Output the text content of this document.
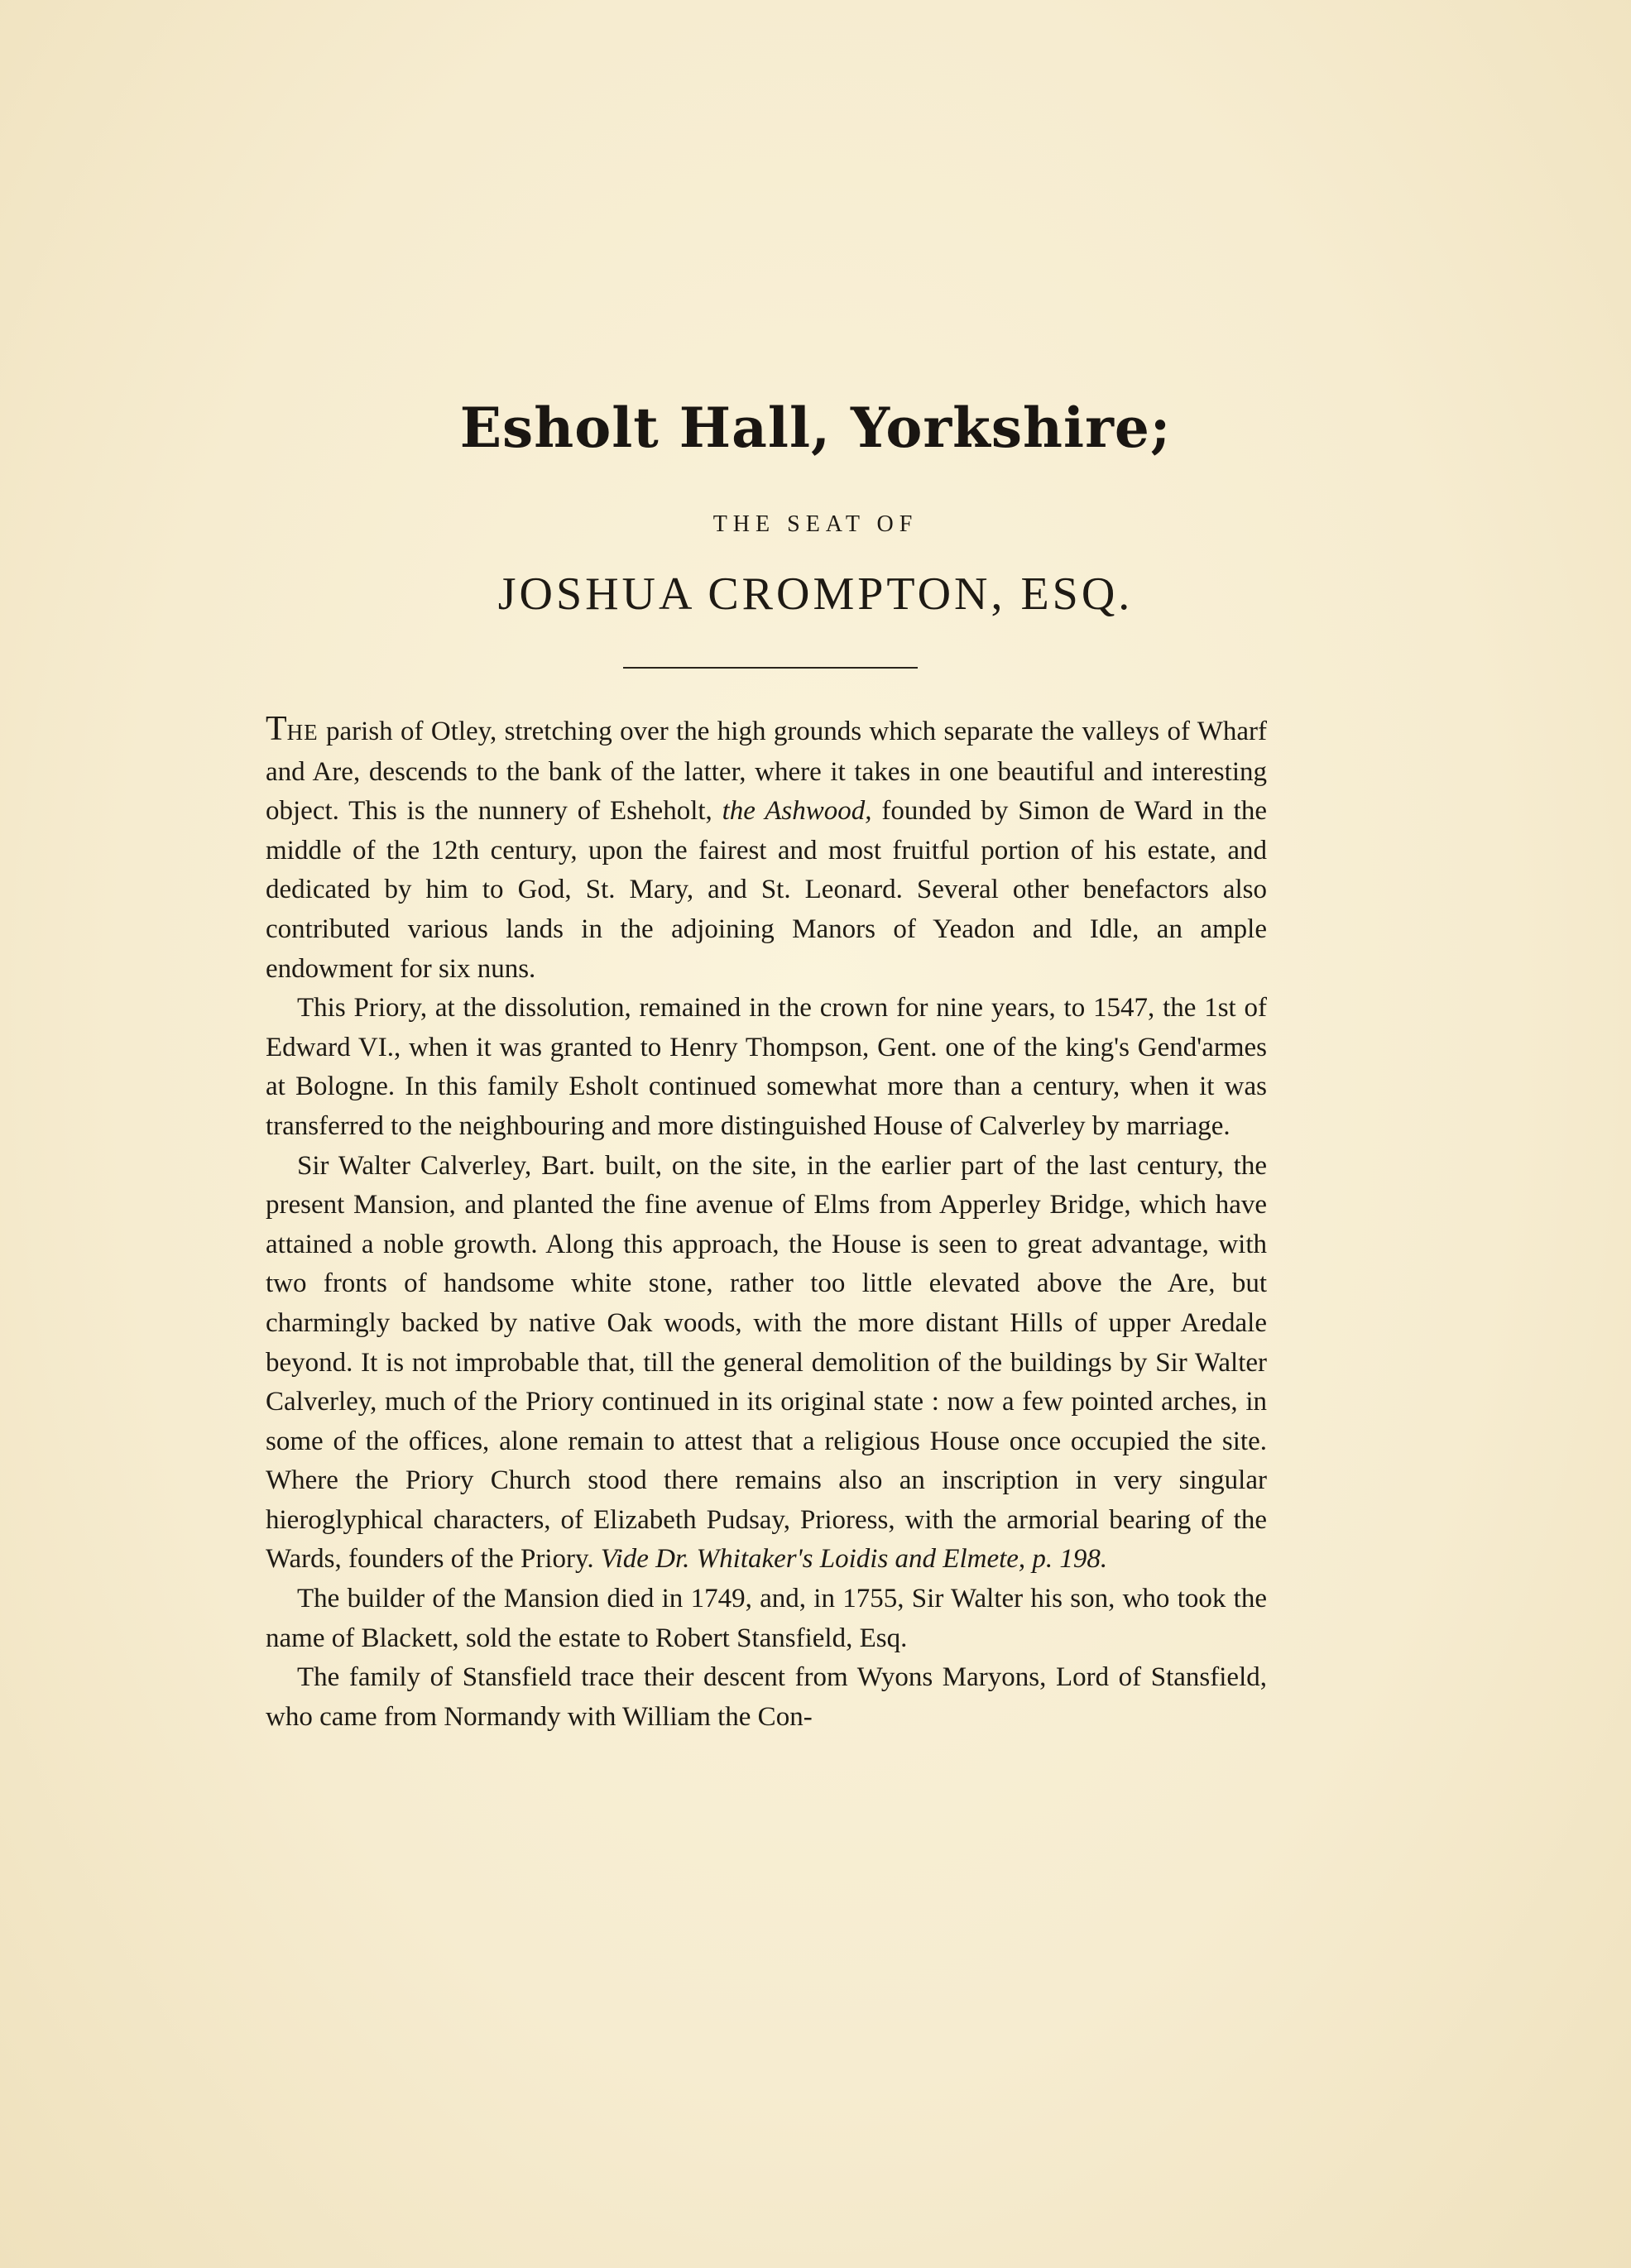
Esholt Hall, Yorkshire;
THE SEAT OF
JOSHUA CROMPTON, ESQ.

THE parish of Otley, stretching over the high grounds which separate the valleys of Wharf and Are, descends to the bank of the latter, where it takes in one beautiful and interesting object. This is the nunnery of Esheholt, the Ashwood, founded by Simon de Ward in the middle of the 12th century, upon the fairest and most fruitful portion of his estate, and dedicated by him to God, St. Mary, and St. Leonard. Several other benefactors also contributed various lands in the adjoining Manors of Yeadon and Idle, an ample endowment for six nuns.

This Priory, at the dissolution, remained in the crown for nine years, to 1547, the 1st of Edward VI., when it was granted to Henry Thompson, Gent. one of the king's Gend'armes at Bologne. In this family Esholt continued somewhat more than a century, when it was transferred to the neighbouring and more distinguished House of Calverley by marriage.

Sir Walter Calverley, Bart. built, on the site, in the earlier part of the last century, the present Mansion, and planted the fine avenue of Elms from Apperley Bridge, which have attained a noble growth. Along this approach, the House is seen to great advantage, with two fronts of handsome white stone, rather too little elevated above the Are, but charmingly backed by native Oak woods, with the more distant Hills of upper Aredale beyond. It is not improbable that, till the general demolition of the buildings by Sir Walter Calverley, much of the Priory continued in its original state : now a few pointed arches, in some of the offices, alone remain to attest that a religious House once occupied the site. Where the Priory Church stood there remains also an inscription in very singular hieroglyphical characters, of Elizabeth Pudsay, Prioress, with the armorial bearing of the Wards, founders of the Priory. Vide Dr. Whitaker's Loidis and Elmete, p. 198.

The builder of the Mansion died in 1749, and, in 1755, Sir Walter his son, who took the name of Blackett, sold the estate to Robert Stansfield, Esq.

The family of Stansfield trace their descent from Wyons Maryons, Lord of Stansfield, who came from Normandy with William the Con-
